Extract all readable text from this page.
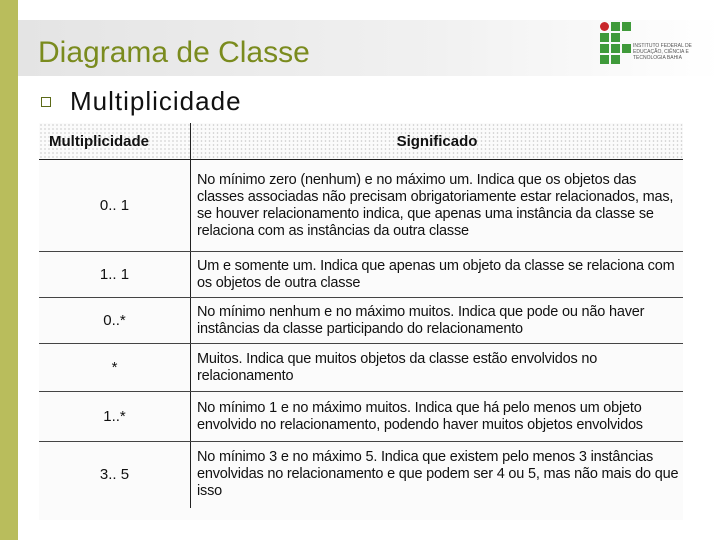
Diagrama de Classe	INSTITUTO FEDERAL DE EDUCAÇÃO, CIÊNCIA E TECNOLOGIA BAHIA
Multiplicidade
Multiplicidade	Significado
0.. 1	No mínimo zero (nenhum) e no máximo um. Indica que os objetos das classes associadas não precisam obrigatoriamente estar relacionados, mas, se houver relacionamento indica, que apenas uma instância da classe se relaciona com as instâncias da outra classe
1.. 1	Um e somente um. Indica que apenas um objeto da classe se relaciona com os objetos de outra classe
0..*	No mínimo nenhum e no máximo muitos. Indica que pode ou não haver instâncias da classe participando do relacionamento
*	Muitos. Indica que muitos objetos da classe estão envolvidos no relacionamento
1..*	No mínimo 1 e no máximo muitos. Indica que há pelo menos um objeto envolvido no relacionamento, podendo haver muitos objetos envolvidos
3.. 5	No mínimo 3 e no máximo 5. Indica que existem pelo menos 3 instâncias envolvidas no relacionamento e que podem ser 4 ou 5, mas não mais do que isso
